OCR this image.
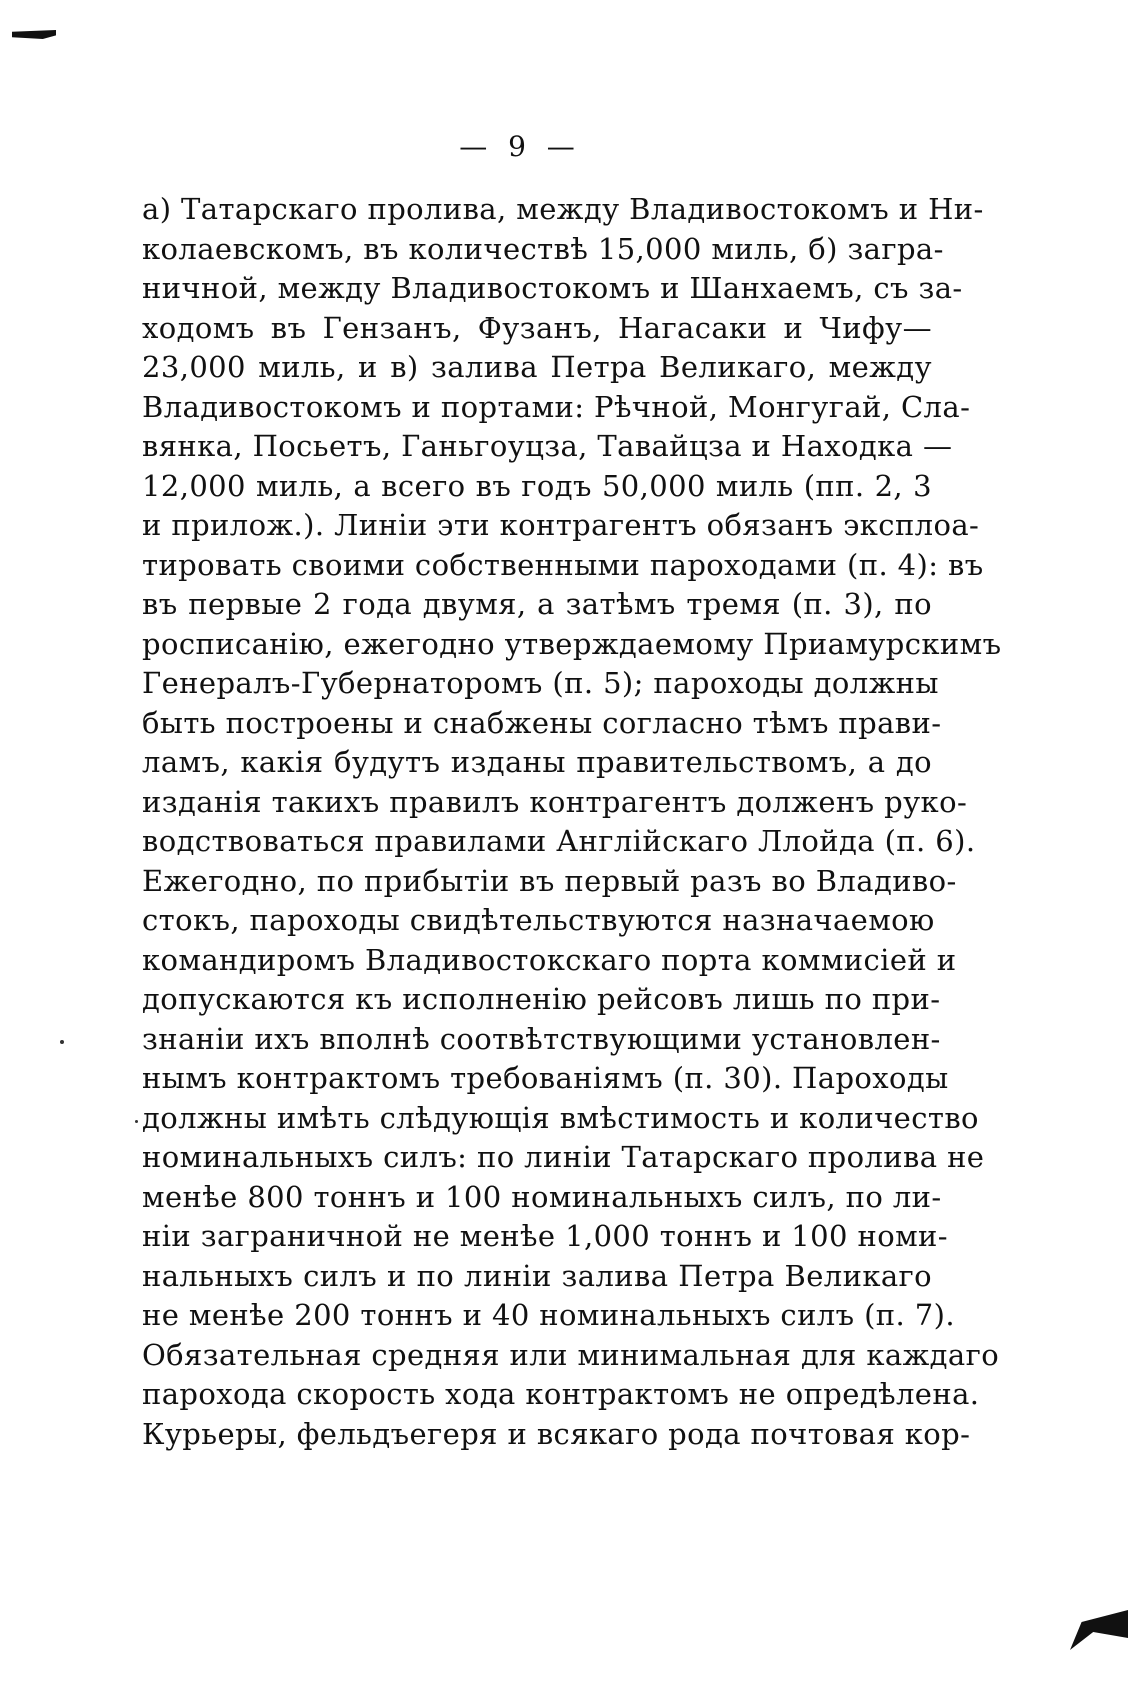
— 9 —
а) Татарскаго пролива, между Владивостокомъ и Ни-
колаевскомъ, въ количествѣ 15,000 миль, б) загра-
ничной, между Владивостокомъ и Шанхаемъ, съ за-
ходомъ въ Гензанъ, Фузанъ, Нагасаки и Чифу—
23,000 миль, и в) залива Петра Великаго, между
Владивостокомъ и портами: Рѣчной, Монгугай, Сла-
вянка, Посьетъ, Ганьгоуцза, Тавайцза и Находка —
12,000 миль, а всего въ годъ 50,000 миль (пп. 2, 3
и прилож.). Линіи эти контрагентъ обязанъ эксплоа-
тировать своими собственными пароходами (п. 4): въ
въ первые 2 года двумя, а затѣмъ тремя (п. 3), по
росписанію, ежегодно утверждаемому Приамурскимъ
Генералъ-Губернаторомъ (п. 5); пароходы должны
быть построены и снабжены согласно тѣмъ прави-
ламъ, какія будутъ изданы правительствомъ, а до
изданія такихъ правилъ контрагентъ долженъ руко-
водствоваться правилами Англійскаго Ллойда (п. 6).
Ежегодно, по прибытіи въ первый разъ во Владиво-
стокъ, пароходы свидѣтельствуются назначаемою
командиромъ Владивостокскаго порта коммисіей и
допускаются къ исполненію рейсовъ лишь по при-
знаніи ихъ вполнѣ соотвѣтствующими установлен-
нымъ контрактомъ требованіямъ (п. 30). Пароходы
должны имѣть слѣдующія вмѣстимость и количество
номинальныхъ силъ: по линіи Татарскаго пролива не
менѣе 800 тоннъ и 100 номинальныхъ силъ, по ли-
ніи заграничной не менѣе 1,000 тоннъ и 100 номи-
нальныхъ силъ и по линіи залива Петра Великаго
не менѣе 200 тоннъ и 40 номинальныхъ силъ (п. 7).
Обязательная средняя или минимальная для каждаго
парохода скорость хода контрактомъ не опредѣлена.
Курьеры, фельдъегеря и всякаго рода почтовая кор-
